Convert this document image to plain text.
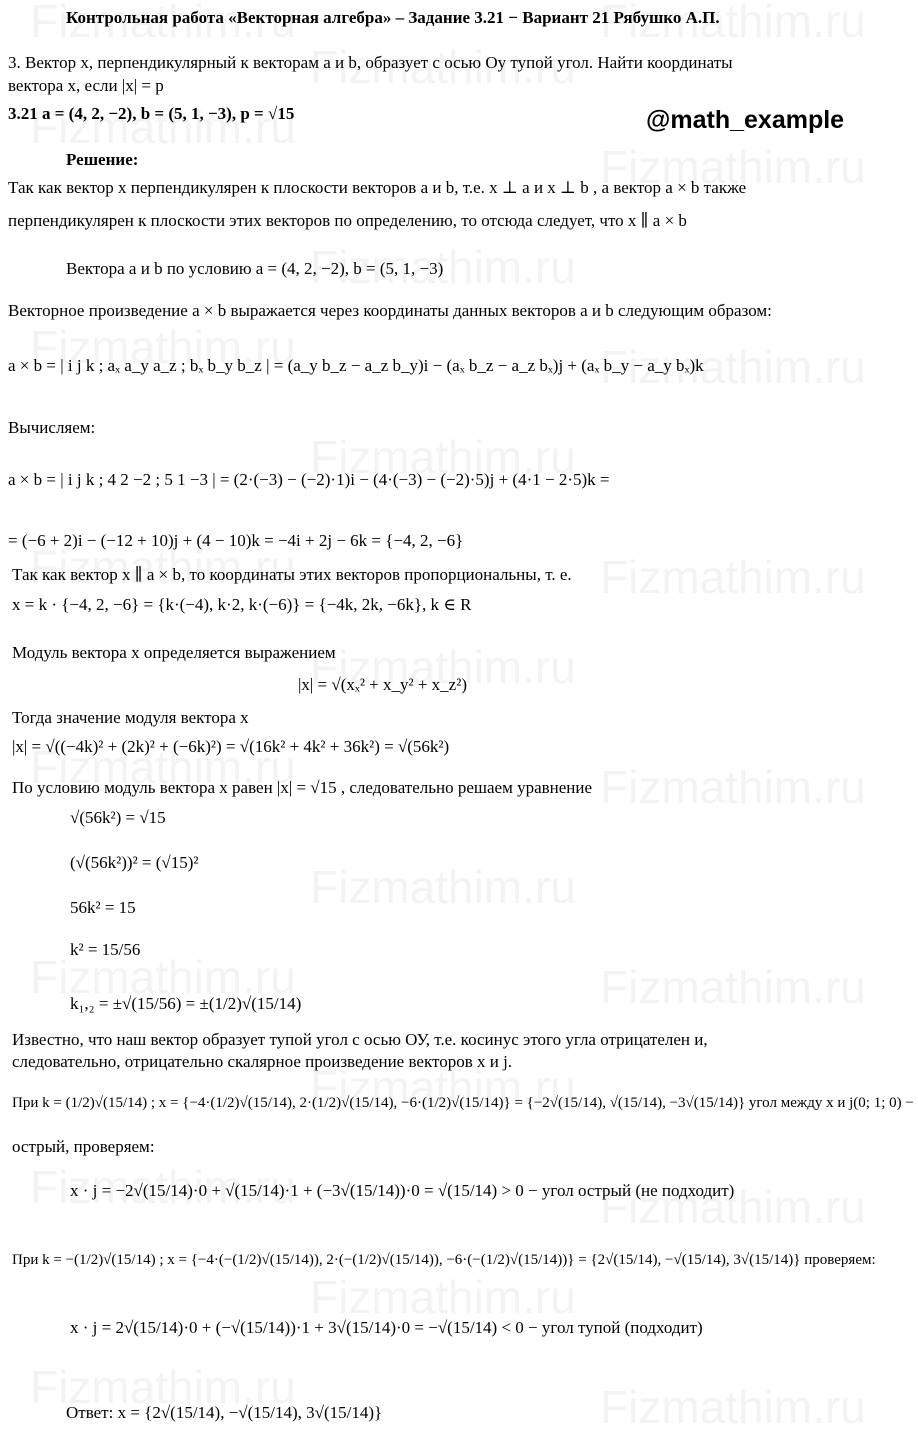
Контрольная работа «Векторная алгебра» – Задание 3.21 − Вариант 21 Рябушко А.П.
3. Вектор x, перпендикулярный к векторам a и b, образует с осью Oy тупой угол. Найти координаты
вектора x, если |x| = p
3.21 a = (4, 2, −2), b = (5, 1, −3), p = √15	@math_example
Решение:
Так как вектор x перпендикулярен к плоскости векторов a и b, т.е. x ⊥ a и x ⊥ b , а вектор a × b также
перпендикулярен к плоскости этих векторов по определению, то отсюда следует, что x ∥ a × b
Вектора a и b по условию a = (4, 2, −2), b = (5, 1, −3)
Векторное произведение a × b выражается через координаты данных векторов a и b следующим образом:
a × b = | i j k ; aₓ a_y a_z ; bₓ b_y b_z | = (a_y b_z − a_z b_y)i − (aₓ b_z − a_z bₓ)j + (aₓ b_y − a_y bₓ)k
Вычисляем:
a × b = | i j k ; 4 2 −2 ; 5 1 −3 | = (2·(−3) − (−2)·1)i − (4·(−3) − (−2)·5)j + (4·1 − 2·5)k =
= (−6 + 2)i − (−12 + 10)j + (4 − 10)k = −4i + 2j − 6k = {−4, 2, −6}
Так как вектор x ∥ a × b, то координаты этих векторов пропорциональны, т. е.
x = k · {−4, 2, −6} = {k·(−4), k·2, k·(−6)} = {−4k, 2k, −6k}, k ∈ R
Модуль вектора x определяется выражением
|x| = √(xₓ² + x_y² + x_z²)
Тогда значение модуля вектора x
|x| = √((−4k)² + (2k)² + (−6k)²) = √(16k² + 4k² + 36k²) = √(56k²)
По условию модуль вектора x равен |x| = √15 , следовательно решаем уравнение
√(56k²) = √15
(√(56k²))² = (√15)²
56k² = 15
k² = 15/56
k₁,₂ = ±√(15/56) = ±(1/2)√(15/14)
Известно, что наш вектор образует тупой угол с осью ОУ, т.е. косинус этого угла отрицателен и,
следовательно, отрицательно скалярное произведение векторов x и j.
При k = (1/2)√(15/14) ; x = {−4·(1/2)√(15/14), 2·(1/2)√(15/14), −6·(1/2)√(15/14)} = {−2√(15/14), √(15/14), −3√(15/14)} угол между x и j(0; 1; 0) −
острый, проверяем:
x · j = −2√(15/14)·0 + √(15/14)·1 + (−3√(15/14))·0 = √(15/14) > 0 − угол острый (не подходит)
При k = −(1/2)√(15/14) ; x = {−4·(−(1/2)√(15/14)), 2·(−(1/2)√(15/14)), −6·(−(1/2)√(15/14))} = {2√(15/14), −√(15/14), 3√(15/14)} проверяем:
x · j = 2√(15/14)·0 + (−√(15/14))·1 + 3√(15/14)·0 = −√(15/14) < 0 − угол тупой (подходит)
Ответ: x = {2√(15/14), −√(15/14), 3√(15/14)}
